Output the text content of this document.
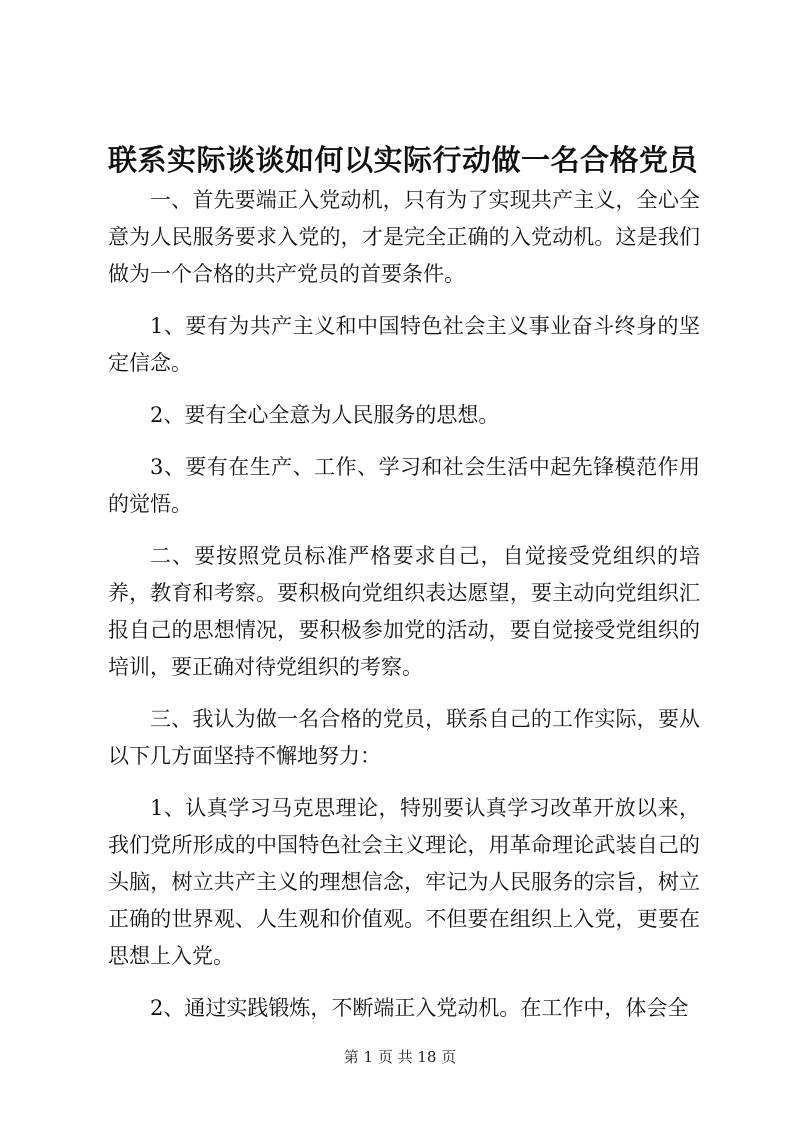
联系实际谈谈如何以实际行动做一名合格党员

一、首先要端正入党动机，只有为了实现共产主义，全心全意为人民服务要求入党的，才是完全正确的入党动机。这是我们做为一个合格的共产党员的首要条件。

1、要有为共产主义和中国特色社会主义事业奋斗终身的坚定信念。

2、要有全心全意为人民服务的思想。

3、要有在生产、工作、学习和社会生活中起先锋模范作用的觉悟。

二、要按照党员标准严格要求自己，自觉接受党组织的培养，教育和考察。要积极向党组织表达愿望，要主动向党组织汇报自己的思想情况，要积极参加党的活动，要自觉接受党组织的培训，要正确对待党组织的考察。

三、我认为做一名合格的党员，联系自己的工作实际，要从以下几方面坚持不懈地努力：

1、认真学习马克思理论，特别要认真学习改革开放以来，我们党所形成的中国特色社会主义理论，用革命理论武装自己的头脑，树立共产主义的理想信念，牢记为人民服务的宗旨，树立正确的世界观、人生观和价值观。不但要在组织上入党，更要在思想上入党。

2、通过实践锻炼，不断端正入党动机。在工作中，体会全

第 1 页 共 18 页
